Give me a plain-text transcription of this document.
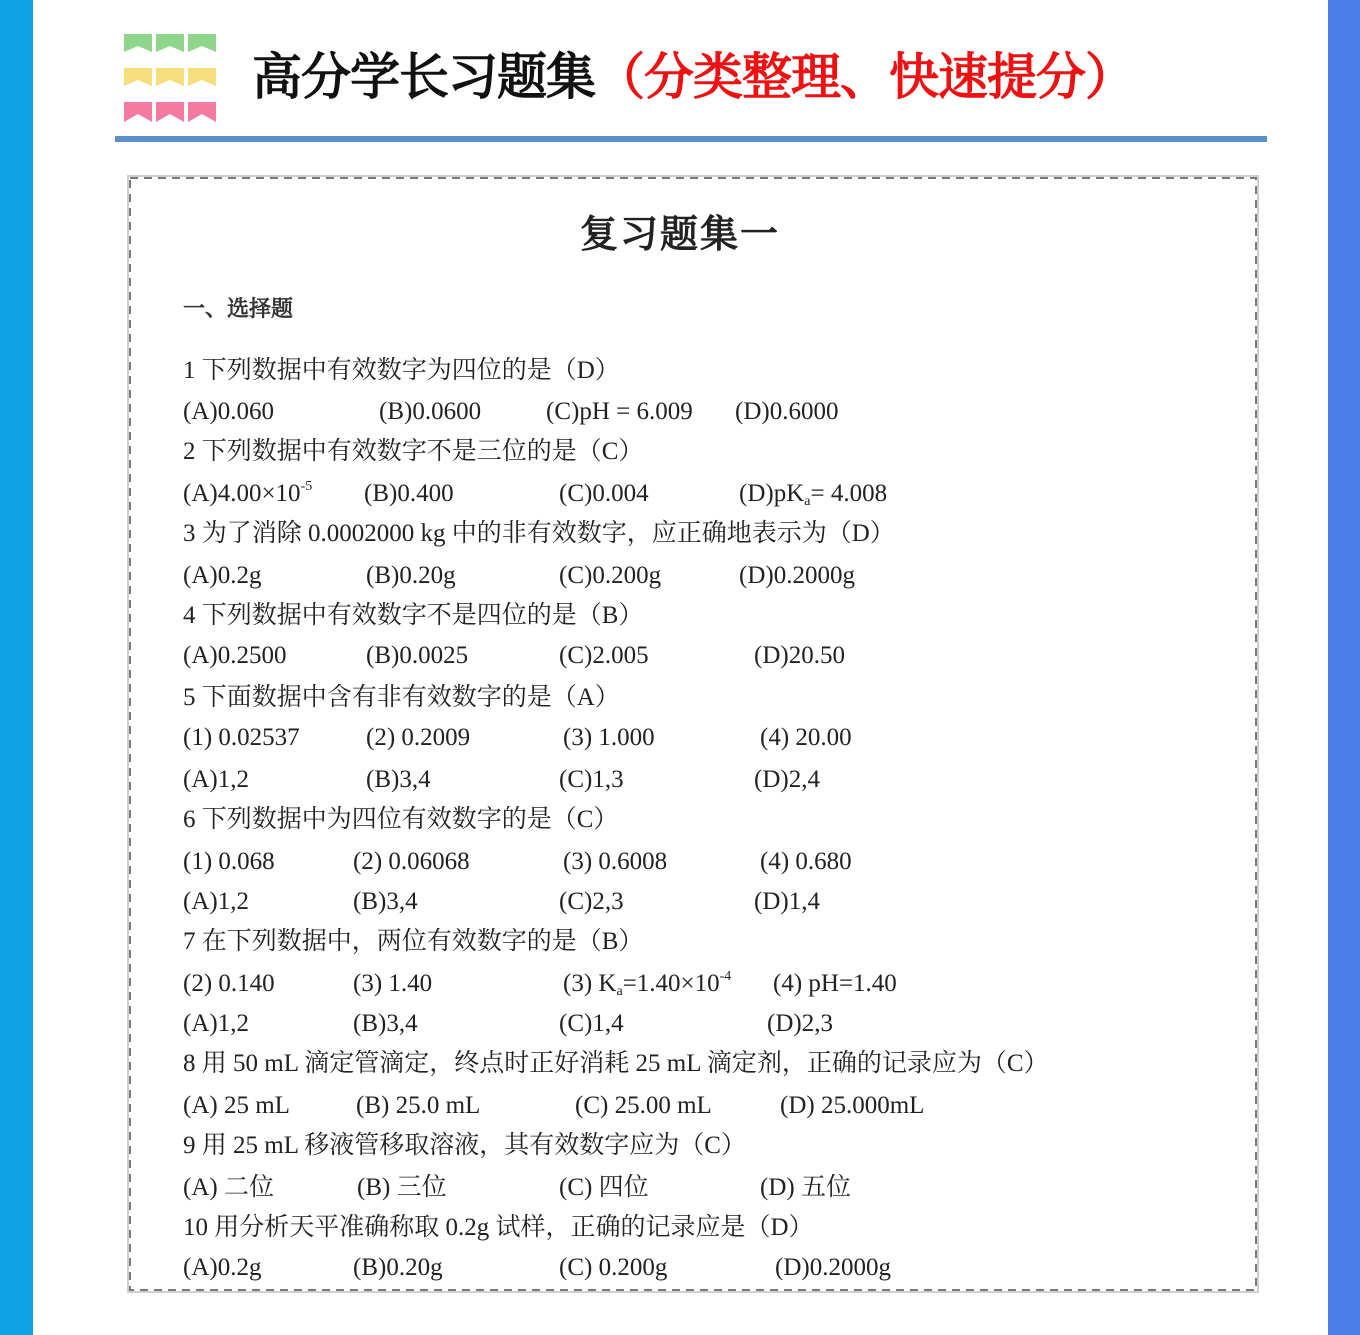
高分学长习题集（分类整理、快速提分）
复习题集一
一、选择题
1 下列数据中有效数字为四位的是（D）
(A)0.060	(B)0.0600	(C)pH = 6.009 (D)0.6000
2 下列数据中有效数字不是三位的是（C）
$(A)4.00\times 10^{-5}$ (B)0.400	(C)0.004	$(D)pK_a= 4.008$
3 为了消除 0.0002000 kg 中的非有效数字，应正确地表示为（D）
(A)0.2g	(B)0.20g	(C)0.200g	(D)0.2000g
4 下列数据中有效数字不是四位的是（B）
(A)0.2500	(B)0.0025	(C)2.005	(D)20.50
5 下面数据中含有非有效数字的是（A）
(1) 0.02537	(2) 0.2009	(3) 1.000	(4) 20.00
(A)1,2	(B)3,4	(C)1,3	(D)2,4
6 下列数据中为四位有效数字的是（C）
(1) 0.068	(2) 0.06068	(3) 0.6008	(4) 0.680
(A)1,2	(B)3,4	(C)2,3	(D)1,4
7 在下列数据中，两位有效数字的是（B）
(2) 0.140	(3) 1.40	(3) $K_a=1.40\times 10^{-4}$ (4) pH=1.40
(A)1,2	(B)3,4	(C)1,4	(D)2,3
8 用 50 mL 滴定管滴定，终点时正好消耗 25 mL 滴定剂，正确的记录应为（C）
(A) 25 mL	(B) 25.0 mL	(C) 25.00 mL	(D) 25.000mL
9 用 25 mL 移液管移取溶液，其有效数字应为（C）
(A) 二位	(B) 三位	(C) 四位	(D) 五位
10 用分析天平准确称取 0.2g 试样，正确的记录应是（D）
(A)0.2g	(B)0.20g	(C) 0.200g	(D)0.2000g
